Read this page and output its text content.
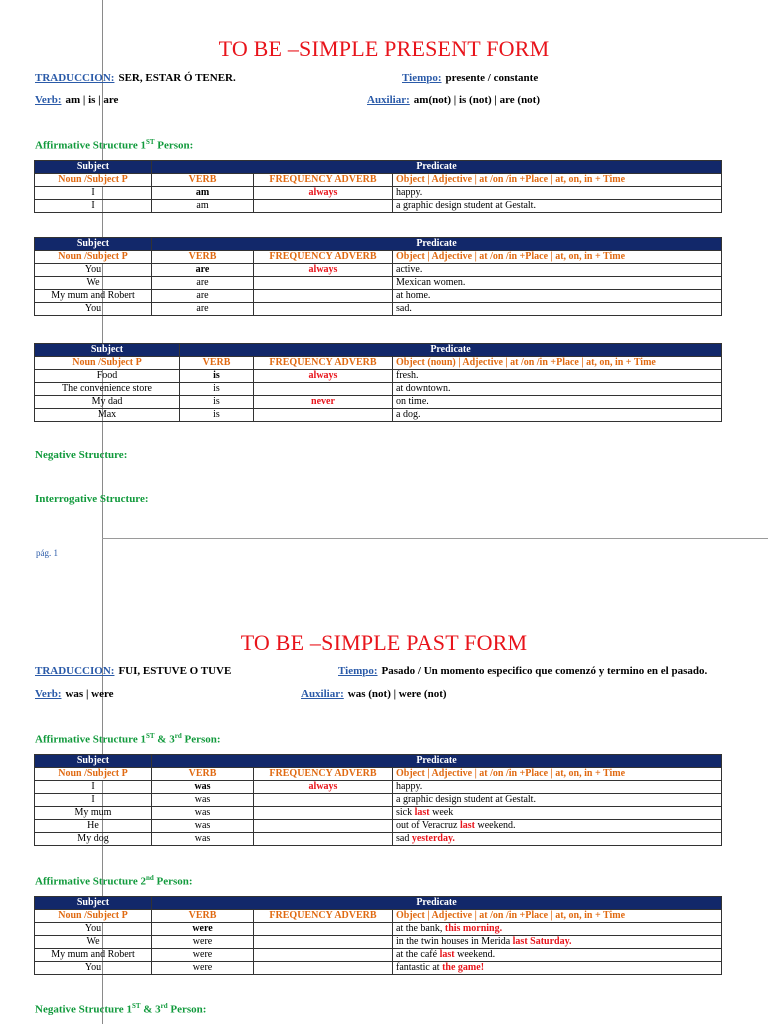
TO BE –SIMPLE PRESENT FORM
TRADUCCION: SER, ESTAR Ó TENER.	Tiempo: presente / constante
Verb: am | is | are	Auxiliar: am(not) | is (not) | are (not)
Affirmative Structure 1ST Person:
Subject	Predicate		
Noun /Subject P	VERB	FREQUENCY ADVERB	Object | Adjective | at /on /in +Place | at, on, in + Time
I	am	always	happy.
I	am		a graphic design student at Gestalt.
Subject	Predicate		
Noun /Subject P	VERB	FREQUENCY ADVERB	Object | Adjective | at /on /in +Place | at, on, in + Time
You	are	always	active.
We	are		Mexican women.
My mum and Robert	are		at home.
You	are		sad.
Subject	Predicate		
Noun /Subject P	VERB	FREQUENCY ADVERB	Object (noun) | Adjective | at /on /in +Place | at, on, in + Time
Food	is	always	fresh.
The convenience store	is		at downtown.
My dad	is	never	on time.
Max	is		a dog.
Negative Structure:
Interrogative Structure:
pág. 1
TO BE –SIMPLE PAST FORM
TRADUCCION: FUI, ESTUVE O TUVE	Tiempo: Pasado / Un momento especifico que comenzó y termino en el pasado.
Verb: was | were	Auxiliar: was (not) | were (not)
Affirmative Structure 1ST & 3rd Person:
Subject	Predicate		
Noun /Subject P	VERB	FREQUENCY ADVERB	Object | Adjective | at /on /in +Place | at, on, in + Time
I	was	always	happy.
I	was		a graphic design student at Gestalt.
My mum	was		sick last week
He	was		out of Veracruz last weekend.
My dog	was		sad yesterday.
Affirmative Structure 2nd Person:
Subject	Predicate		
Noun /Subject P	VERB	FREQUENCY ADVERB	Object | Adjective | at /on /in +Place | at, on, in + Time
You	were		at the bank, this morning.
We	were		in the twin houses in Merida last Saturday.
My mum and Robert	were		at the café last weekend.
You	were		fantastic at the game!
Negative Structure 1ST & 3rd Person:
